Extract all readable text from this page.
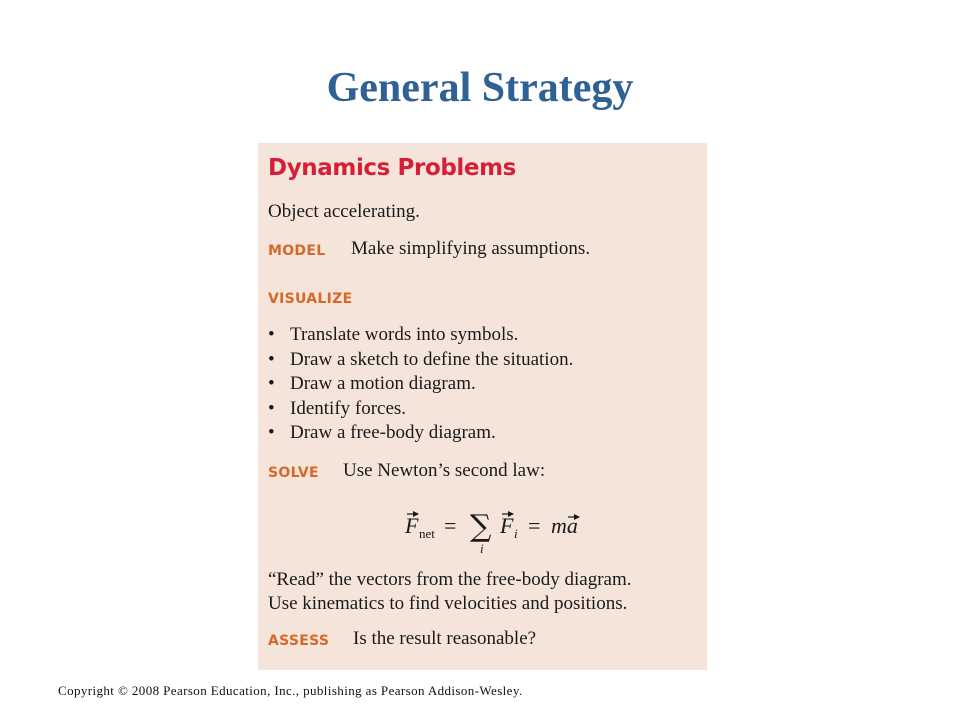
General Strategy
Dynamics Problems
Object accelerating.
MODEL Make simplifying assumptions.
VISUALIZE
• Translate words into symbols.
• Draw a sketch to define the situation.
• Draw a motion diagram.
• Identify forces.
• Draw a free-body diagram.
SOLVE Use Newton’s second law:
F net = ∑
i
F i = ma
“Read” the vectors from the free-body diagram.
Use kinematics to find velocities and positions.
ASSESS Is the result reasonable?
Copyright © 2008 Pearson Education, Inc., publishing as Pearson Addison-Wesley.
